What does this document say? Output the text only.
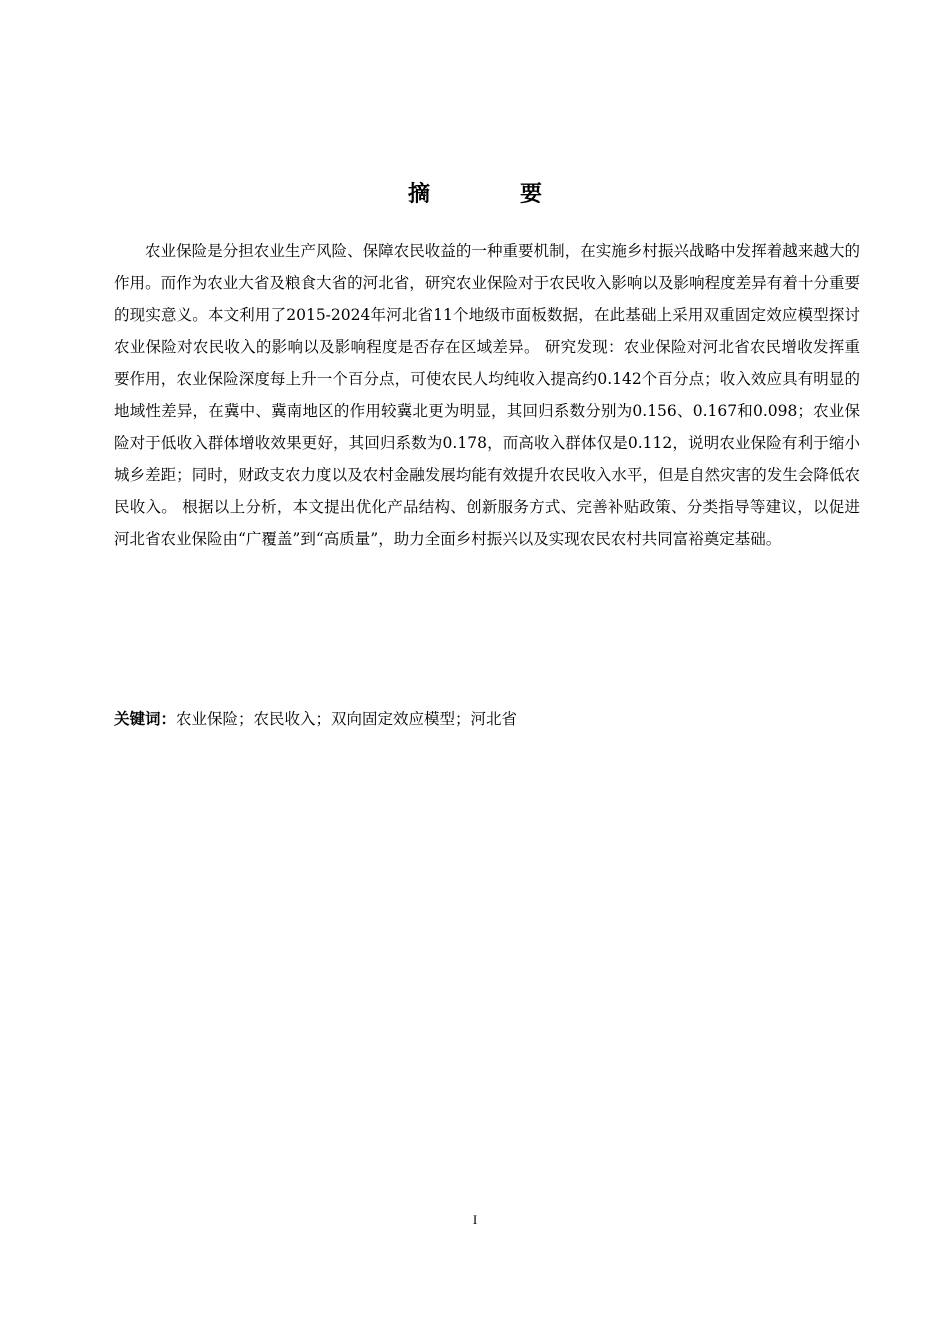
摘　要

农业保险是分担农业生产风险、保障农民收益的一种重要机制，在实施乡村振兴战略中发挥着越来越大的作用。而作为农业大省及粮食大省的河北省，研究农业保险对于农民收入影响以及影响程度差异有着十分重要的现实意义。本文利用了2015-2024年河北省11个地级市面板数据，在此基础上采用双重固定效应模型探讨农业保险对农民收入的影响以及影响程度是否存在区域差异。 研究发现：农业保险对河北省农民增收发挥重要作用，农业保险深度每上升一个百分点，可使农民人均纯收入提高约0.142个百分点；收入效应具有明显的地域性差异，在冀中、冀南地区的作用较冀北更为明显，其回归系数分别为0.156、0.167和0.098；农业保险对于低收入群体增收效果更好，其回归系数为0.178，而高收入群体仅是0.112，说明农业保险有利于缩小城乡差距；同时，财政支农力度以及农村金融发展均能有效提升农民收入水平，但是自然灾害的发生会降低农民收入。 根据以上分析，本文提出优化产品结构、创新服务方式、完善补贴政策、分类指导等建议，以促进河北省农业保险由“广覆盖”到“高质量”，助力全面乡村振兴以及实现农民农村共同富裕奠定基础。

关键词：农业保险；农民收入；双向固定效应模型；河北省

I
